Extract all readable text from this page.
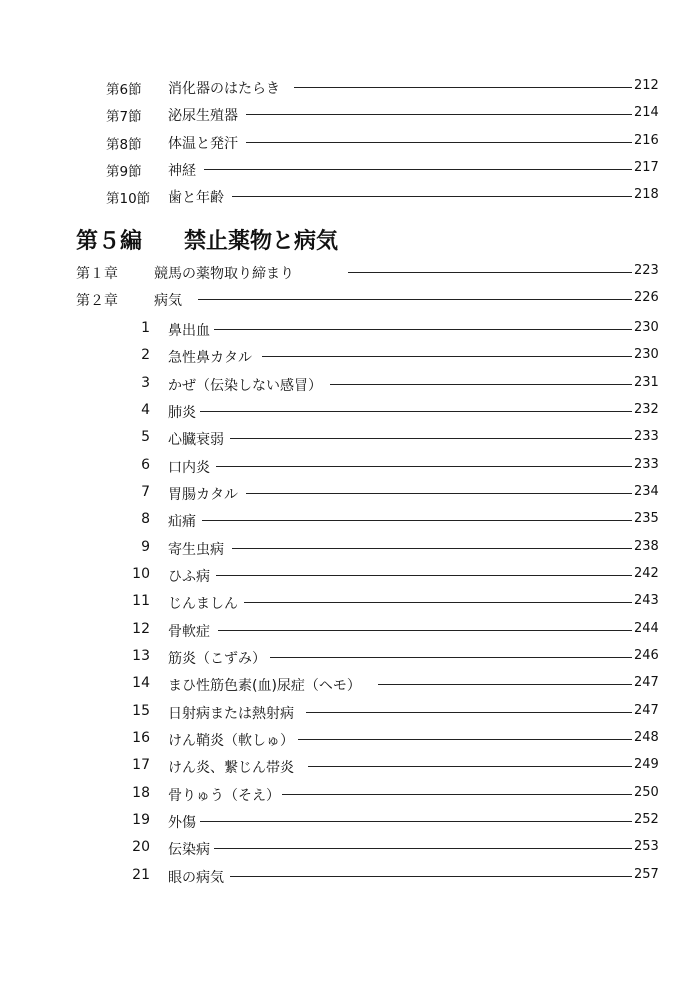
第6節 消化器のはたらき	212
第7節 泌尿生殖器	214
第8節 体温と発汗	216
第9節 神経	217
第10節 歯と年齢	218
第５編 禁止薬物と病気
第１章	競馬の薬物取り締まり	223
第２章	病気	226
1 鼻出血	230
2 急性鼻カタル	230
3 かぜ（伝染しない感冒）	231
4 肺炎	232
5 心臓衰弱	233
6 口内炎	233
7 胃腸カタル	234
8 疝痛	235
9 寄生虫病	238
10 ひふ病	242
11 じんましん	243
12 骨軟症	244
13 筋炎（こずみ）	246
14 まひ性筋色素(血)尿症（ヘモ）	247
15 日射病または熱射病	247
16 けん鞘炎（軟しゅ）	248
17 けん炎、繋じん帯炎	249
18 骨りゅう（そえ）	250
19 外傷	252
20 伝染病	253
21 眼の病気	257
